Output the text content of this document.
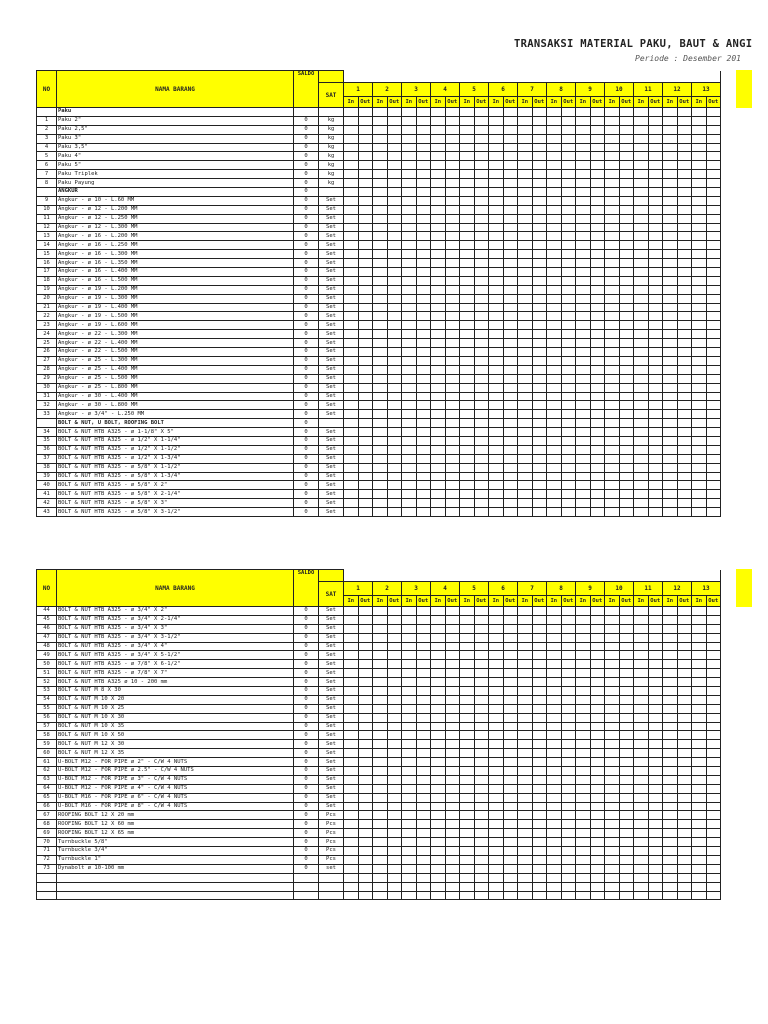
TRANSAKSI MATERIAL PAKU, BAUT & ANGI
Periode : Desember 201
NO	NAMA BARANG	SALDO																											
			SAT	1		2		3		4		5		6		7		8		9		10		11		12		13	
				In	Out	In	Out	In	Out	In	Out	In	Out	In	Out	In	Out	In	Out	In	Out	In	Out	In	Out	In	Out	In	Out
	Paku																												
1	Paku 2"	0	kg																										
2	Paku 2,5"	0	kg																										
3	Paku 3"	0	kg																										
4	Paku 3,5"	0	kg																										
5	Paku 4"	0	kg																										
6	Paku 5"	0	kg																										
7	Paku Triplek	0	kg																										
8	Paku Payung	0	kg																										
	ANGKUR	0																											
9	Angkur - ø 10 - L.60 MM	0	Set																										
10	Angkur - ø 12 - L.200 MM	0	Set																										
11	Angkur - ø 12 - L.250 MM	0	Set																										
12	Angkur - ø 12 - L.300 MM	0	Set																										
13	Angkur - ø 16 - L.200 MM	0	Set																										
14	Angkur - ø 16 - L.250 MM	0	Set																										
15	Angkur - ø 16 - L.300 MM	0	Set																										
16	Angkur - ø 16 - L.350 MM	0	Set																										
17	Angkur - ø 16 - L.400 MM	0	Set																										
18	Angkur - ø 16 - L.500 MM	0	Set																										
19	Angkur - ø 19 - L.200 MM	0	Set																										
20	Angkur - ø 19 - L.300 MM	0	Set																										
21	Angkur - ø 19 - L.400 MM	0	Set																										
22	Angkur - ø 19 - L.500 MM	0	Set																										
23	Angkur - ø 19 - L.600 MM	0	Set																										
24	Angkur - ø 22 - L.300 MM	0	Set																										
25	Angkur - ø 22 - L.400 MM	0	Set																										
26	Angkur - ø 22 - L.500 MM	0	Set																										
27	Angkur - ø 25 - L.300 MM	0	Set																										
28	Angkur - ø 25 - L.400 MM	0	Set																										
29	Angkur - ø 25 - L.500 MM	0	Set																										
30	Angkur - ø 25 - L.800 MM	0	Set																										
31	Angkur - ø 30 - L.400 MM	0	Set																										
32	Angkur - ø 30 - L.800 MM	0	Set																										
33	Angkur - ø 3/4" - L.250 MM	0	Set																										
	BOLT & NUT, U BOLT, ROOFING BOLT	0																											
34	BOLT & NUT HTB A325 - ø 1-1/8" X 5"	0	Set																										
35	BOLT & NUT HTB A325 - ø 1/2" X 1-1/4"	0	Set																										
36	BOLT & NUT HTB A325 - ø 1/2" X 1-1/2"	0	Set																										
37	BOLT & NUT HTB A325 - ø 1/2" X 1-3/4"	0	Set																										
38	BOLT & NUT HTB A325 - ø 5/8" X 1-1/2"	0	Set																										
39	BOLT & NUT HTB A325 - ø 5/8" X 1-3/4"	0	Set																										
40	BOLT & NUT HTB A325 - ø 5/8" X 2"	0	Set																										
41	BOLT & NUT HTB A325 - ø 5/8" X 2-1/4"	0	Set																										
42	BOLT & NUT HTB A325 - ø 5/8" X 3"	0	Set																										
43	BOLT & NUT HTB A325 - ø 5/8" X 3-1/2"	0	Set																										
NO	NAMA BARANG	SALDO																											
			SAT	1		2		3		4		5		6		7		8		9		10		11		12		13	
				In	Out	In	Out	In	Out	In	Out	In	Out	In	Out	In	Out	In	Out	In	Out	In	Out	In	Out	In	Out	In	Out
44	BOLT & NUT HTB A325 - ø 3/4" X 2"	0	Set																										
45	BOLT & NUT HTB A325 - ø 3/4" X 2-1/4"	0	Set																										
46	BOLT & NUT HTB A325 - ø 3/4" X 3"	0	Set																										
47	BOLT & NUT HTB A325 - ø 3/4" X 3-1/2"	0	Set																										
48	BOLT & NUT HTB A325 - ø 3/4" X 4"	0	Set																										
49	BOLT & NUT HTB A325 - ø 3/4" X 5-1/2"	0	Set																										
50	BOLT & NUT HTB A325 - ø 7/8" X 6-1/2"	0	Set																										
51	BOLT & NUT HTB A325 - ø 7/8" X 7"	0	Set																										
52	BOLT & NUT HTB A325 ø 10 - 200 mm	0	Set																										
53	BOLT & NUT M 8 X 30	0	Set																										
54	BOLT & NUT M 10 X 20	0	Set																										
55	BOLT & NUT M 10 X 25	0	Set																										
56	BOLT & NUT M 10 X 30	0	Set																										
57	BOLT & NUT M 10 X 35	0	Set																										
58	BOLT & NUT M 10 X 50	0	Set																										
59	BOLT & NUT M 12 X 30	0	Set																										
60	BOLT & NUT M 12 X 35	0	Set																										
61	U-BOLT M12 - FOR PIPE ø 2" - C/W 4 NUTS	0	Set																										
62	U-BOLT M12 - FOR PIPE ø 2.5" - C/W 4 NUTS	0	Set																										
63	U-BOLT M12 - FOR PIPE ø 3" - C/W 4 NUTS	0	Set																										
64	U-BOLT M12 - FOR PIPE ø 4" - C/W 4 NUTS	0	Set																										
65	U-BOLT M16 - FOR PIPE ø 6" - C/W 4 NUTS	0	Set																										
66	U-BOLT M16 - FOR PIPE ø 8" - C/W 4 NUTS	0	Set																										
67	ROOFING BOLT 12 X 20 mm	0	Pcs																										
68	ROOFING BOLT 12 X 60 mm	0	Pcs																										
69	ROOFING BOLT 12 X 65 mm	0	Pcs																										
70	Turnbuckle 5/8"	0	Pcs																										
71	Turnbuckle 3/4"	0	Pcs																										
72	Turnbuckle 1"	0	Pcs																										
73	Dynabolt ø 10-100 mm	0	set																										
